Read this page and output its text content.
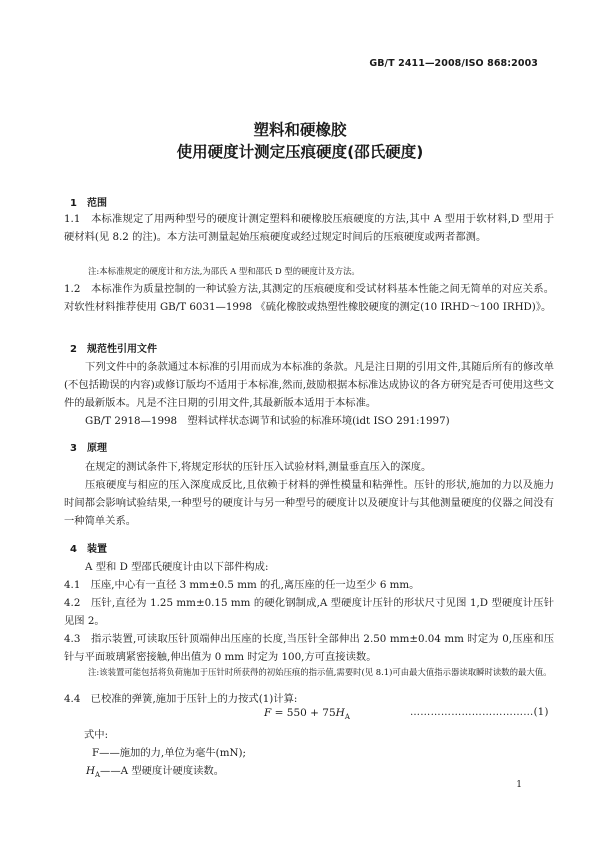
GB/T 2411—2008/ISO 868:2003
塑料和硬橡胶
使用硬度计测定压痕硬度(邵氏硬度)
1　范围
1.1　本标准规定了用两种型号的硬度计测定塑料和硬橡胶压痕硬度的方法,其中 A 型用于软材料,D 型用于硬材料(见 8.2 的注)。本方法可测量起始压痕硬度或经过规定时间后的压痕硬度或两者都测。
注:本标准规定的硬度计和方法,为邵氏 A 型和邵氏 D 型的硬度计及方法。
1.2　本标准作为质量控制的一种试验方法,其测定的压痕硬度和受试材料基本性能之间无简单的对应关系。对软性材料推荐使用 GB/T 6031—1998 《硫化橡胶或热塑性橡胶硬度的测定(10 IRHD～100 IRHD)》。
2　规范性引用文件
下列文件中的条款通过本标准的引用而成为本标准的条款。凡是注日期的引用文件,其随后所有的修改单(不包括勘误的内容)或修订版均不适用于本标准,然而,鼓励根据本标准达成协议的各方研究是否可使用这些文件的最新版本。凡是不注日期的引用文件,其最新版本适用于本标准。
GB/T 2918—1998　塑料试样状态调节和试验的标准环境(idt ISO 291:1997)
3　原理
在规定的测试条件下,将规定形状的压针压入试验材料,测量垂直压入的深度。
压痕硬度与相应的压入深度成反比,且依赖于材料的弹性模量和粘弹性。压针的形状,施加的力以及施力时间都会影响试验结果,一种型号的硬度计与另一种型号的硬度计以及硬度计与其他测量硬度的仪器之间没有一种简单关系。
4　装置
A 型和 D 型邵氏硬度计由以下部件构成:
4.1　压座,中心有一直径 3 mm±0.5 mm 的孔,离压座的任一边至少 6 mm。
4.2　压针,直径为 1.25 mm±0.15 mm 的硬化钢制成,A 型硬度计压针的形状尺寸见图 1,D 型硬度计压针见图 2。
4.3　指示装置,可读取压针顶端伸出压座的长度,当压针全部伸出 2.50 mm±0.04 mm 时定为 0,压座和压针与平面玻璃紧密接触,伸出值为 0 mm 时定为 100,方可直接读数。
注:该装置可能包括将负荷施加于压针时所获得的初始压痕的指示值,需要时(见 8.1)可由最大值指示器读取瞬时读数的最大值。
4.4　已校准的弹簧,施加于压针上的力按式(1)计算:
$F = 550 + 75H_A$	………………………………(1)
式中:
F——施加的力,单位为毫牛(mN);
$H_A——A$ 型硬度计硬度读数。
1
